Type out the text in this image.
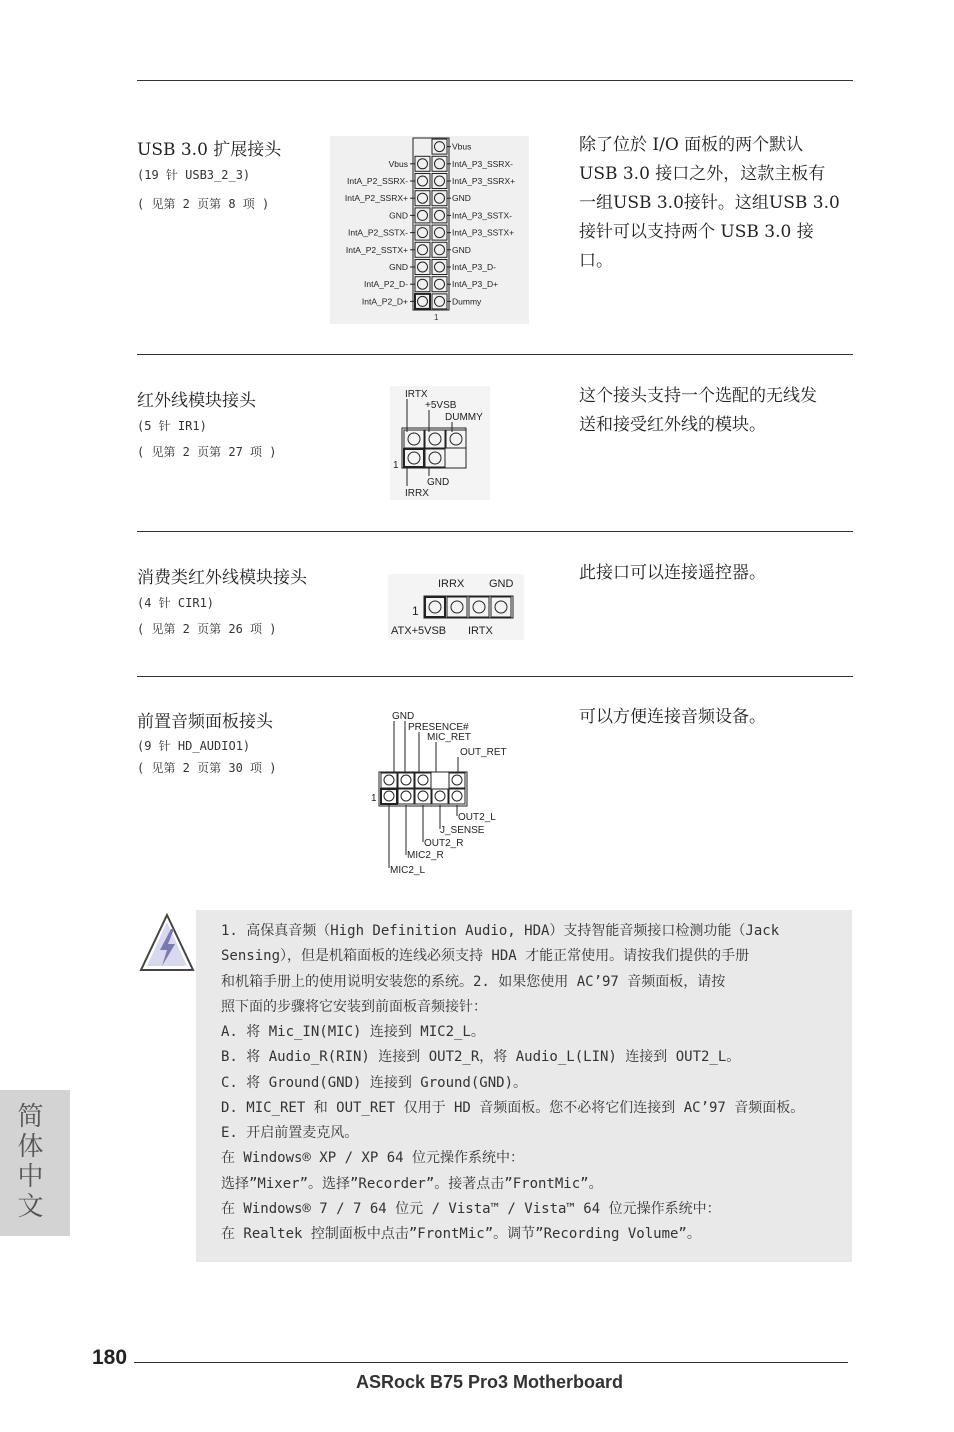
USB 3.0 扩展接头
(19 针 USB3_2_3)
( 见第 2 页第 8 项 )
Vbus
IntA_P3_SSRX-
IntA_P3_SSRX+
GND
IntA_P3_SSTX-
IntA_P3_SSTX+
GND
IntA_P3_D-
IntA_P3_D+
Dummy
Vbus
IntA_P2_SSRX-
IntA_P2_SSRX+
GND
IntA_P2_SSTX-
IntA_P2_SSTX+
GND
IntA_P2_D-
IntA_P2_D+
1
除了位於 I/O 面板的两个默认
USB 3.0 接口之外，这款主板有
一组USB 3.0接针。这组USB 3.0
接针可以支持两个 USB 3.0 接
口。
红外线模块接头
(5 针 IR1)
( 见第 2 页第 27 项 )
IRTX
+5VSB
DUMMY
1
GND
IRRX
这个接头支持一个选配的无线发
送和接受红外线的模块。
消费类红外线模块接头
(4 针 CIR1)
( 见第 2 页第 26 项 )
IRRX GND
1
ATX+5VSB IRTX
此接口可以连接遥控器。
前置音频面板接头
(9 针 HD_AUDIO1)
( 见第 2 页第 30 项 )
GND
PRESENCE#
MIC_RET
OUT_RET
1
OUT2_L
J_SENSE
OUT2_R
MIC2_R
MIC2_L
可以方便连接音频设备。
1. 高保真音频（High Definition Audio, HDA）支持智能音频接口检测功能（Jack
Sensing），但是机箱面板的连线必须支持 HDA 才能正常使用。请按我们提供的手册
和机箱手册上的使用说明安装您的系统。2. 如果您使用 AC’97 音频面板，请按
照下面的步骤将它安装到前面板音频接针：
A. 将 Mic_IN(MIC) 连接到 MIC2_L。
B. 将 Audio_R(RIN) 连接到 OUT2_R，将 Audio_L(LIN) 连接到 OUT2_L。
C. 将 Ground(GND) 连接到 Ground(GND)。
D. MIC_RET 和 OUT_RET 仅用于 HD 音频面板。您不必将它们连接到 AC’97 音频面板。
E. 开启前置麦克风。
在 Windows® XP / XP 64 位元操作系统中：
选择”Mixer”。选择”Recorder”。接著点击”FrontMic”。
在 Windows® 7 / 7 64 位元 / Vista™ / Vista™ 64 位元操作系统中：
在 Realtek 控制面板中点击”FrontMic”。调节”Recording Volume”。
简体中文
180
ASRock B75 Pro3 Motherboard
